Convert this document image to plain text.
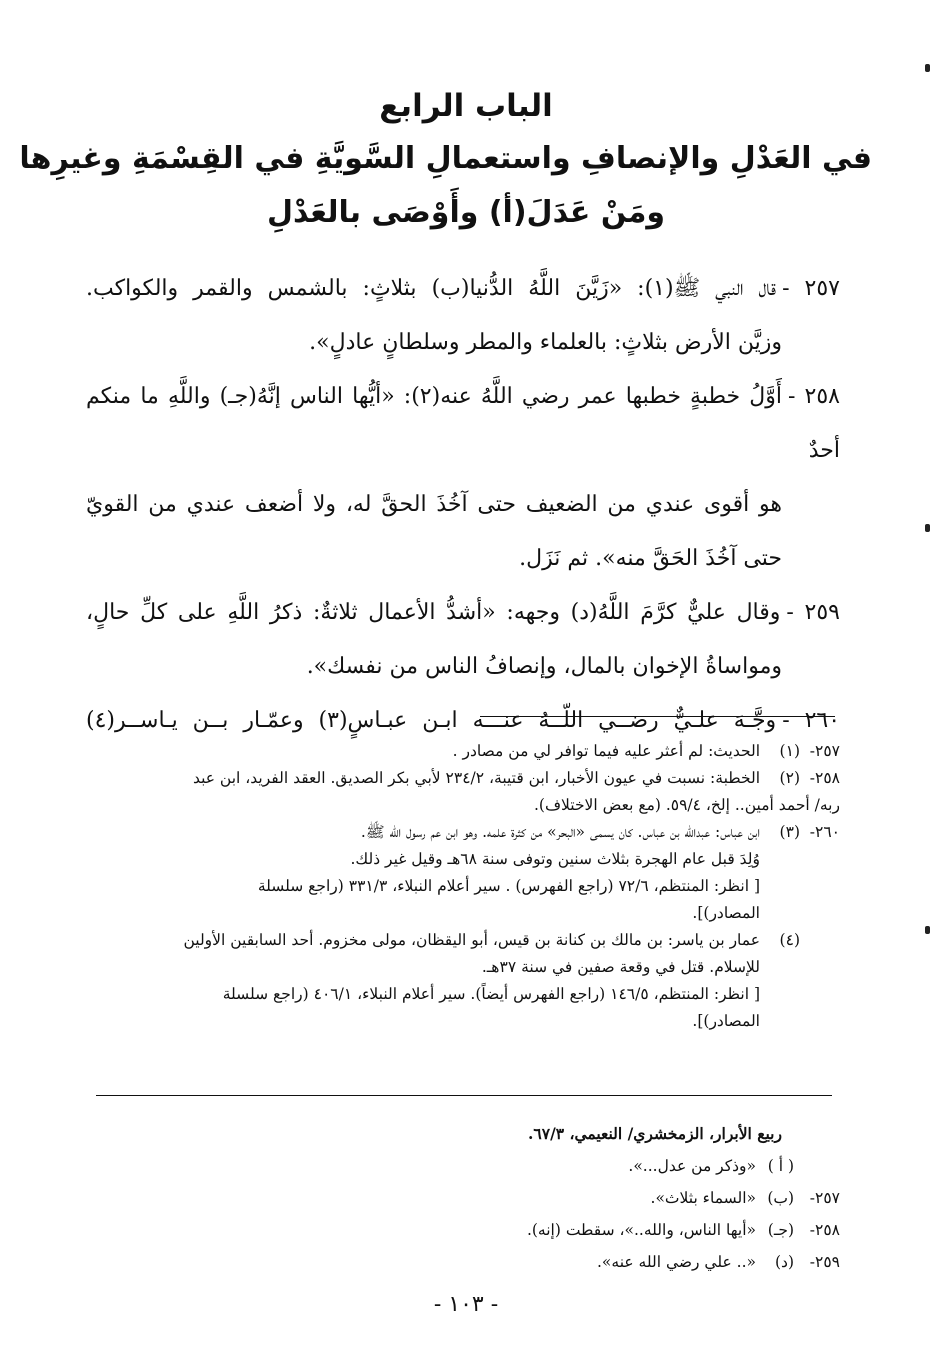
الباب الرابع
في العَدْلِ والإنصافِ واستعمالِ السَّويَّةِ في القِسْمَةِ وغيرِها
ومَنْ عَدَلَ(أ) وأَوْصَى بالعَدْلِ
٢٥٧ -قال النبي ﷺ(١): «زَيَّنَ اللَّهُ الدُّنيا(ب) بثلاثٍ: بالشمس والقمر والكواكب.
وزيَّن الأرض بثلاثٍ: بالعلماء والمطر وسلطانٍ عادلٍ».
٢٥٨ -أَوَّلُ خطبةٍ خطبها عمر رضي اللَّهُ عنه(٢): «أيُّها الناس إنَّهُ(جـ) واللَّهِ ما منكم أحدٌ
هو أقوى عندي من الضعيف حتى آخُذَ الحقَّ له، ولا أضعف عندي من القويّ
حتى آخُذَ الحَقَّ منه». ثم نَزَل.
٢٥٩ -وقال عليٌّ كرَّمَ اللَّهُ(د) وجهه: «أشدُّ الأعمال ثلاثةٌ: ذكرُ اللَّهِ على كلِّ حالٍ،
ومواساةُ الإخوان بالمال، وإنصافُ الناس من نفسك».
٢٦٠ -وجَّـهَ علـيٌّ رضــي اللّــهُ عنـــه ابـن عبـاسٍ(٣) وعمّـار بــن يـاســر(٤)
٢٥٧-
(١)
الحديث: لم أعثر عليه فيما توافر لي من مصادر .
٢٥٨-
(٢)
الخطبة: نسبت في عيون الأخبار، ابن قتيبة، ٢٣٤/٢ لأبي بكر الصديق. العقد الفريد، ابن عبد
ربه/ أحمد أمين.. إلخ، ٥٩/٤. (مع بعض الاختلاف).
٢٦٠-
(٣)
ابن عباس: عبدالله بن عباس. كان يسمى «البحر» من كثرة علمه. وهو ابن عم رسول الله ﷺ.
وُلِدَ قبل عام الهجرة بثلاث سنين وتوفى سنة ٦٨هـ وقيل غير ذلك.
[ انظر: المنتظم، ٧٢/٦ (راجع الفهرس) . سير أعلام النبلاء، ٣٣١/٣ (راجع سلسلة
المصادر)].
(٤)
عمار بن ياسر: بن مالك بن كنانة بن قيس، أبو اليقظان، مولى مخزوم. أحد السابقين الأولين
للإسلام. قتل في وقعة صفين في سنة ٣٧هـ.
[ انظر: المنتظم، ١٤٦/٥ (راجع الفهرس أيضاً). سير أعلام النبلاء، ٤٠٦/١ (راجع سلسلة
المصادر)].
ربيع الأبرار، الزمخشري/ النعيمي، ٦٧/٣.
( أ )
«وذكر من عدل...».
٢٥٧-
(ب)
«السماء بثلاث».
٢٥٨-
(جـ)
«أيها الناس، والله..»، سقطت (إنه).
٢٥٩-
(د)
«.. علي رضي الله عنه».
- ١٠٣ -
